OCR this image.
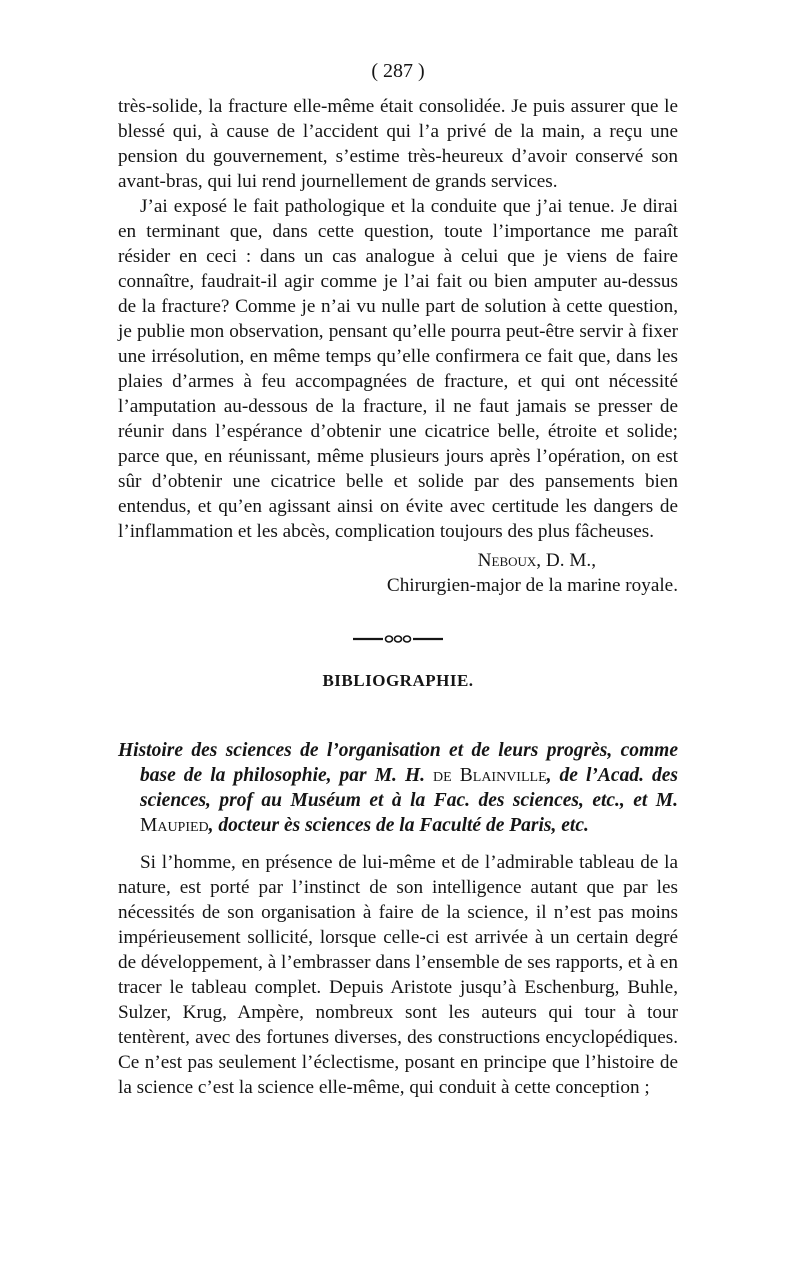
( 287 )

très-solide, la fracture elle-même était consolidée. Je puis assurer que le blessé qui, à cause de l’accident qui l’a privé de la main, a reçu une pension du gouvernement, s’estime très-heureux d’avoir conservé son avant-bras, qui lui rend journellement de grands services.

J’ai exposé le fait pathologique et la conduite que j’ai tenue. Je dirai en terminant que, dans cette question, toute l’importance me paraît résider en ceci : dans un cas analogue à celui que je viens de faire connaître, faudrait-il agir comme je l’ai fait ou bien amputer au-dessus de la fracture? Comme je n’ai vu nulle part de solution à cette question, je publie mon observation, pensant qu’elle pourra peut-être servir à fixer une irrésolution, en même temps qu’elle confirmera ce fait que, dans les plaies d’armes à feu accompagnées de fracture, et qui ont nécessité l’amputation au-dessous de la fracture, il ne faut jamais se presser de réunir dans l’espérance d’obtenir une cicatrice belle, étroite et solide; parce que, en réunissant, même plusieurs jours après l’opération, on est sûr d’obtenir une cicatrice belle et solide par des pansements bien entendus, et qu’en agissant ainsi on évite avec certitude les dangers de l’inflammation et les abcès, complication toujours des plus fâcheuses.

Neboux, D. M.,
Chirurgien-major de la marine royale.
BIBLIOGRAPHIE.

Histoire des sciences de l’organisation et de leurs progrès, comme base de la philosophie, par M. H. de Blainville, de l’Acad. des sciences, prof au Muséum et à la Fac. des sciences, etc., et M. Maupied, docteur ès sciences de la Faculté de Paris, etc.

Si l’homme, en présence de lui-même et de l’admirable tableau de la nature, est porté par l’instinct de son intelligence autant que par les nécessités de son organisation à faire de la science, il n’est pas moins impérieusement sollicité, lorsque celle-ci est arrivée à un certain degré de développement, à l’embrasser dans l’ensemble de ses rapports, et à en tracer le tableau complet. Depuis Aristote jusqu’à Eschenburg, Buhle, Sulzer, Krug, Ampère, nombreux sont les auteurs qui tour à tour tentèrent, avec des fortunes diverses, des constructions encyclopédiques. Ce n’est pas seulement l’éclectisme, posant en principe que l’histoire de la science c’est la science elle-même, qui conduit à cette conception ;
